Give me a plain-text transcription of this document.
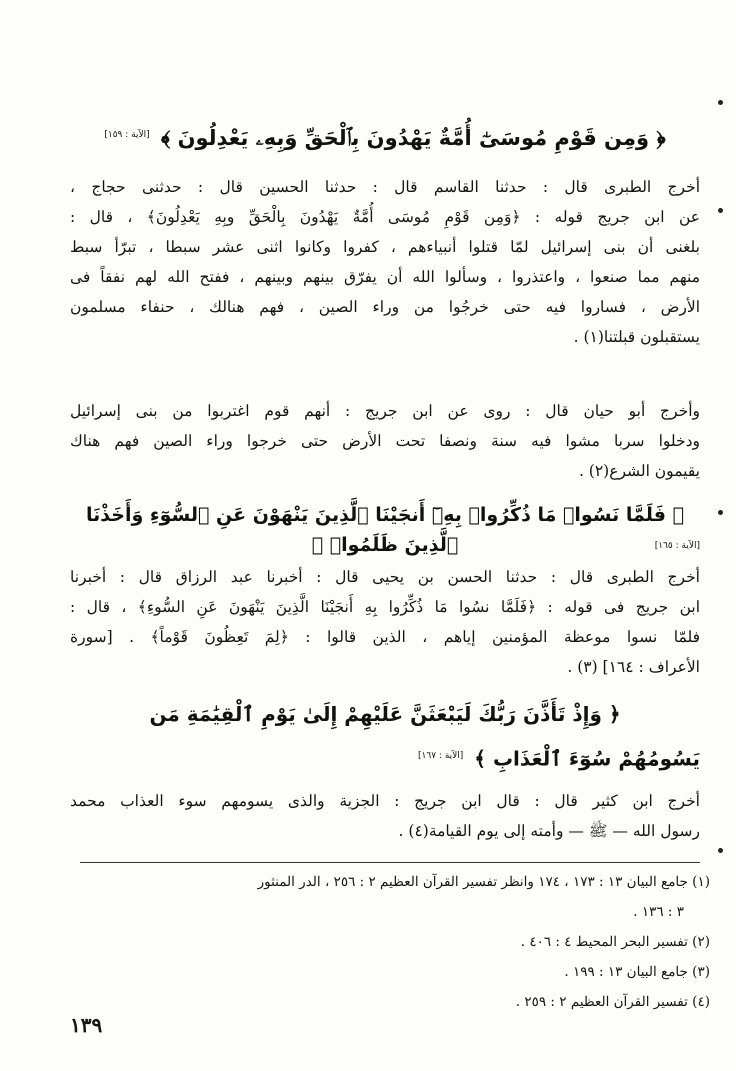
﴿ وَمِن قَوْمِ مُوسَىٰٓ أُمَّةٌ يَهْدُونَ بِٱلْحَقِّ وَبِهِۦ يَعْدِلُونَ ﴾ [الآية : ١٥٩]
أخرج الطبرى قال : حدثنا القاسم قال : حدثنا الحسين قال : حدثنى حجاج ،
عن ابن جريج قوله : ﴿وَمِن قَوْمِ مُوسَى أُمَّةٌ يَهْدُونَ بِالْحَقِّ وبِهِ يَعْدِلُونَ﴾ ، قال :
بلغنى أن بنى إسرائيل لمّا قتلوا أنبياءهم ، كفروا وكانوا اثنى عشر سبطا ، تبرّأ سبط
منهم مما صنعوا ، واعتذروا ، وسألوا الله أن يفرّق بينهم وبينهم ، ففتح الله لهم نفقاً فى
الأرض ، فساروا فيه حتى خرجُوا من وراء الصين ، فهم هنالك ، حنفاء مسلمون
يستقبلون قبلتنا(١) .
وأخرج أبو حيان قال : روى عن ابن جريج : أنهم قوم اغتربوا من بنى إسرائيل
ودخلوا سربا مشوا فيه سنة ونصفا تحت الأرض حتى خرجوا وراء الصين فهم هناك
يقيمون الشرع(٢) .
﴿ فَلَمَّا نَسُوا۟ مَا ذُكِّرُوا۟ بِهِۦٓ أَنجَيْنَا ٱلَّذِينَ يَنْهَوْنَ عَنِ ٱلسُّوٓءِ وَأَخَذْنَا ٱلَّذِينَ ظَلَمُوا۟ ﴾	[الآية : ١٦٥]
أخرج الطبرى قال : حدثنا الحسن بن يحيى قال : أخبرنا عبد الرزاق قال : أخبرنا
ابن جريج فى قوله : ﴿فَلَمَّا نسُوا مَا ذُكِّرُوا بِهِ أَنجَيْنَا الَّذِينَ يَنْهَونَ عَنِ السُّوءِ﴾ ، قال :
فلمّا نسوا موعظة المؤمنين إياهم ، الذين قالوا : ﴿لِمَ تَعِظُونَ قَوْماً﴾ . [سورة
الأعراف : ١٦٤] (٣) .
﴿ وَإِذْ تَأَذَّنَ رَبُّكَ لَيَبْعَثَنَّ عَلَيْهِمْ إِلَىٰ يَوْمِ ٱلْقِيَٰمَةِ مَن
يَسُومُهُمْ سُوٓءَ ٱلْعَذَابِ ﴾ [الآية : ١٦٧]
أخرج ابن كثير قال : قال ابن جريج : الجزية والذى يسومهم سوء العذاب محمد
رسول الله — ﷺ — وأمته إلى يوم القيامة(٤) .
(١) جامع البيان ١٣ : ١٧٣ ، ١٧٤ وانظر تفسير القرآن العظيم ٢ : ٢٥٦ ، الدر المنثور
٣ : ١٣٦ .
(٢) تفسير البحر المحيط ٤ : ٤٠٦ .
(٣) جامع البيان ١٣ : ١٩٩ .
(٤) تفسير القرآن العظيم ٢ : ٢٥٩ .
١٣٩
